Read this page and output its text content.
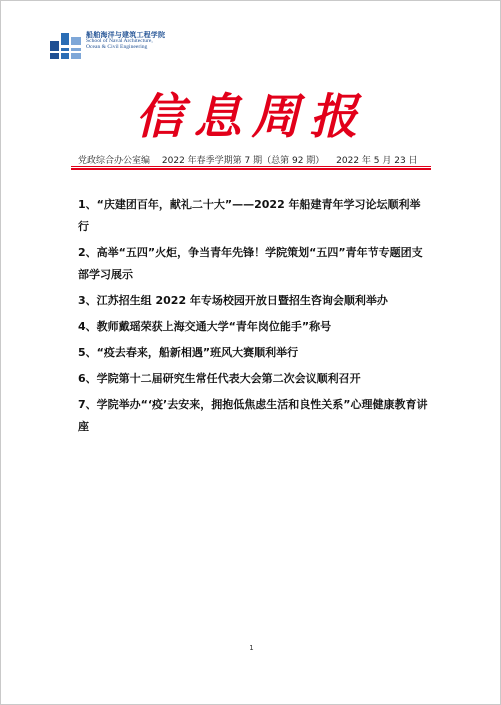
船舶海洋与建筑工程学院
School of Naval Architecture,
Ocean & Civil Engineering
信息周报
党政综合办公室编 2022 年春季学期第 7 期（总第 92 期） 2022 年 5 月 23 日
1、“庆建团百年，献礼二十大”——2022 年船建青年学习论坛顺利举行
2、高举“五四”火炬，争当青年先锋！学院策划“五四”青年节专题团支部学习展示
3、江苏招生组 2022 年专场校园开放日暨招生咨询会顺利举办
4、教师戴瑶荣获上海交通大学“青年岗位能手”称号
5、“疫去春来，船新相遇”班风大赛顺利举行
6、学院第十二届研究生常任代表大会第二次会议顺利召开
7、学院举办“‘疫’去安来，拥抱低焦虑生活和良性关系”心理健康教育讲座
1
